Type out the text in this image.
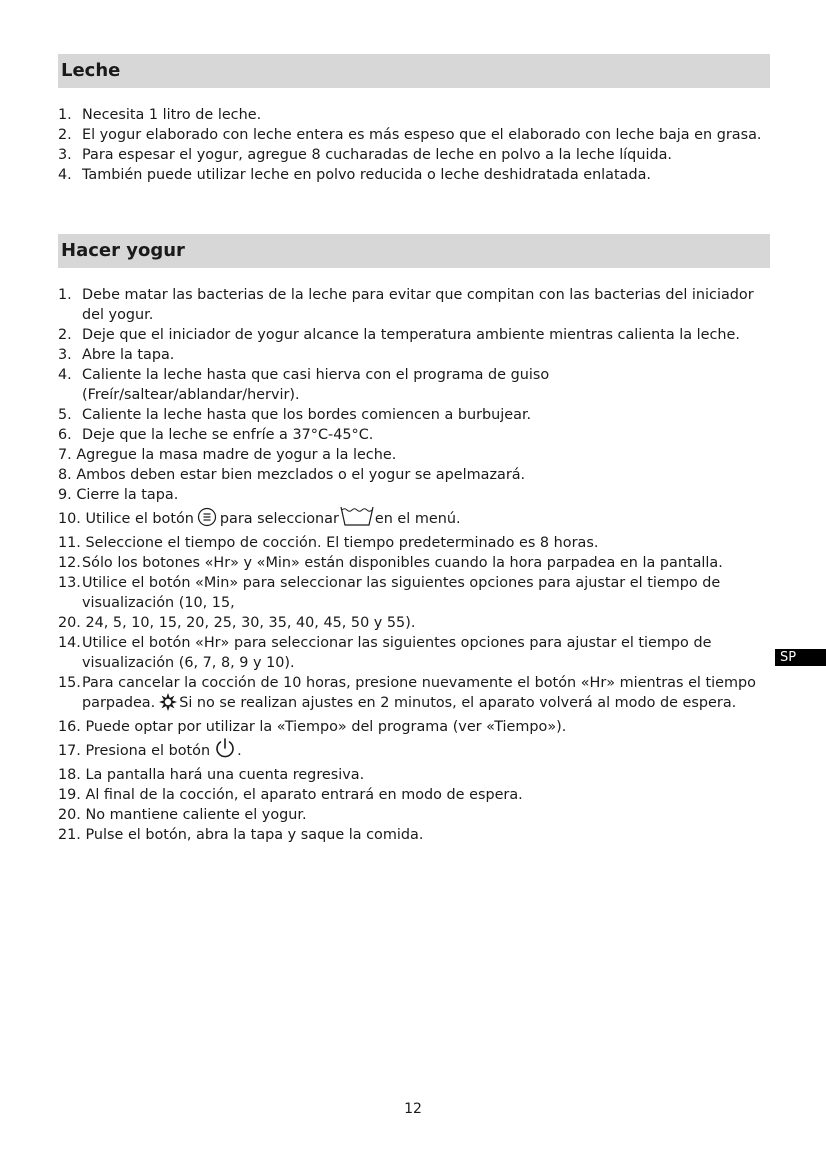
Leche
1. Necesita 1 litro de leche.
2. El yogur elaborado con leche entera es más espeso que el elaborado con leche baja en grasa.
3. Para espesar el yogur, agregue 8 cucharadas de leche en polvo a la leche líquida.
4. También puede utilizar leche en polvo reducida o leche deshidratada enlatada.
Hacer yogur
1. Debe matar las bacterias de la leche para evitar que compitan con las bacterias del iniciador del yogur.
2. Deje que el iniciador de yogur alcance la temperatura ambiente mientras calienta la leche.
3. Abre la tapa.
4. Caliente la leche hasta que casi hierva con el programa de guiso (Freír/saltear/ablandar/hervir).
5. Caliente la leche hasta que los bordes comiencen a burbujear.
6. Deje que la leche se enfríe a 37°C-45°C.
7. Agregue la masa madre de yogur a la leche.
8. Ambos deben estar bien mezclados o el yogur se apelmazará.
9. Cierre la tapa.
10. Utilice el botón para seleccionar	en el menú.
11. Seleccione el tiempo de cocción. El tiempo predeterminado es 8 horas.
12. Sólo los botones «Hr» y «Min» están disponibles cuando la hora parpadea en la pantalla.
13. Utilice el botón «Min» para seleccionar las siguientes opciones para ajustar el tiempo de visualización (10, 15,
20. 24, 5, 10, 15, 20, 25, 30, 35, 40, 45, 50 y 55).
14. Utilice el botón «Hr» para seleccionar las siguientes opciones para ajustar el tiempo de visualización (6, 7, 8, 9 y 10).
15. Para cancelar la cocción de 10 horas, presione nuevamente el botón «Hr» mientras el tiempo parpadea. Si no se realizan ajustes en 2 minutos, el aparato volverá al modo de espera.
16. Puede optar por utilizar la «Tiempo» del programa (ver «Tiempo»).
17. Presiona el botón .
18. La pantalla hará una cuenta regresiva.
19. Al final de la cocción, el aparato entrará en modo de espera.
20. No mantiene caliente el yogur.
21. Pulse el botón, abra la tapa y saque la comida.
SP
12
